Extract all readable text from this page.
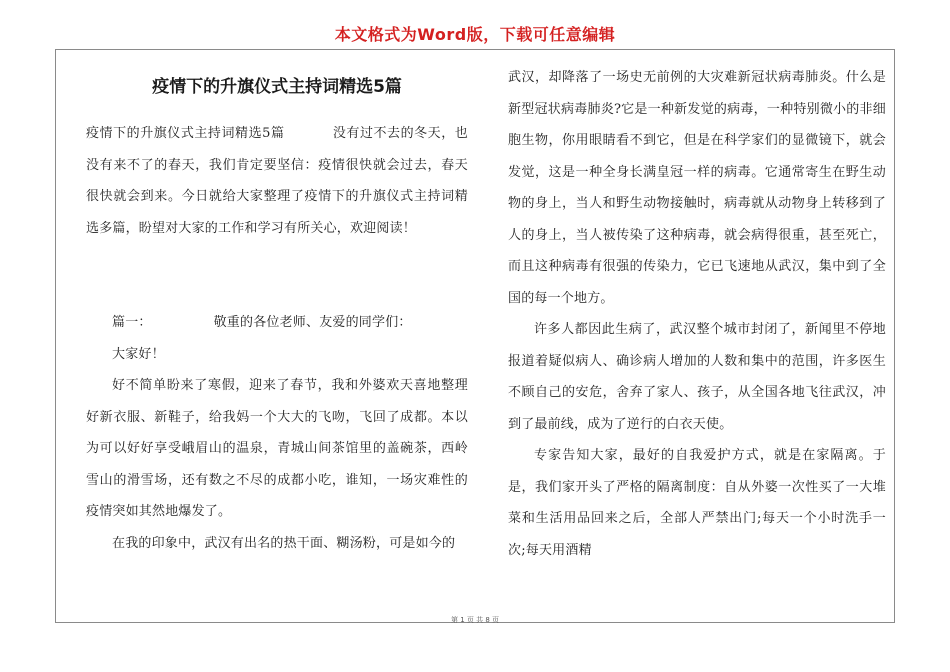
本文格式为Word版，下载可任意编辑
疫情下的升旗仪式主持词精选5篇

疫情下的升旗仪式主持词精选5篇	没有过不去的冬天，也没有来不了的春天，我们肯定要坚信：疫情很快就会过去，春天很快就会到来。今日就给大家整理了疫情下的升旗仪式主持词精选多篇，盼望对大家的工作和学习有所关心，欢迎阅读！

篇一：	敬重的各位老师、友爱的同学们：

大家好！

好不简单盼来了寒假，迎来了春节，我和外婆欢天喜地整理好新衣服、新鞋子，给我妈一个大大的飞吻，飞回了成都。本以为可以好好享受峨眉山的温泉，青城山间茶馆里的盖碗茶，西岭雪山的滑雪场，还有数之不尽的成都小吃，谁知，一场灾难性的疫情突如其然地爆发了。

在我的印象中，武汉有出名的热干面、糊汤粉，可是如今的

武汉，却降落了一场史无前例的大灾难新冠状病毒肺炎。什么是新型冠状病毒肺炎?它是一种新发觉的病毒，一种特别微小的非细胞生物，你用眼睛看不到它，但是在科学家们的显微镜下，就会发觉，这是一种全身长满皇冠一样的病毒。它通常寄生在野生动物的身上，当人和野生动物接触时，病毒就从动物身上转移到了人的身上，当人被传染了这种病毒，就会病得很重，甚至死亡，而且这种病毒有很强的传染力，它已飞速地从武汉，集中到了全国的每一个地方。

许多人都因此生病了，武汉整个城市封闭了，新闻里不停地报道着疑似病人、确诊病人增加的人数和集中的范围，许多医生不顾自己的安危，舍弃了家人、孩子，从全国各地飞往武汉，冲到了最前线，成为了逆行的白衣天使。

专家告知大家，最好的自我爱护方式，就是在家隔离。于是，我们家开头了严格的隔离制度：自从外婆一次性买了一大堆菜和生活用品回来之后，全部人严禁出门;每天一个小时洗手一次;每天用酒精

第 1 页 共 8 页
